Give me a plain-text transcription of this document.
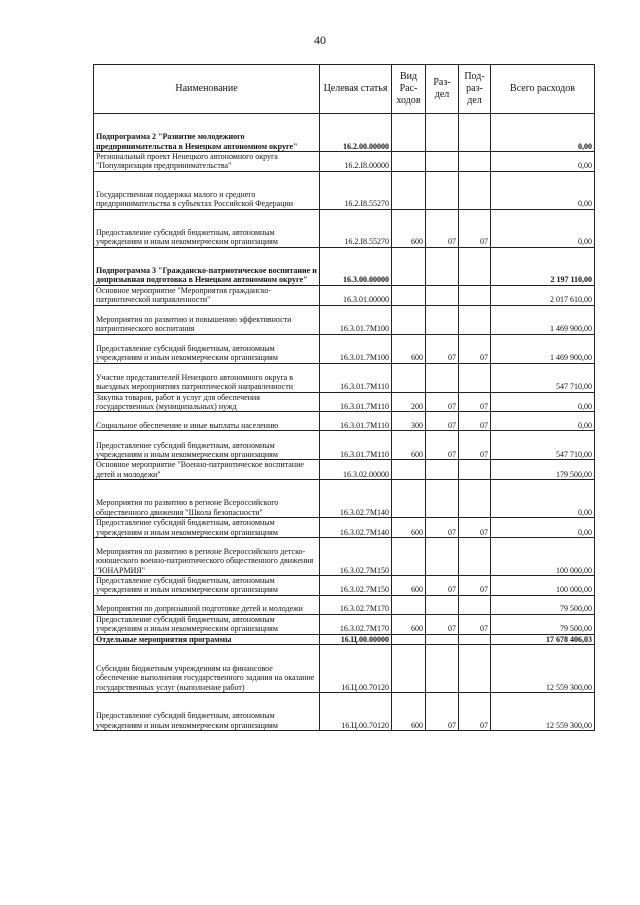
40
Наименование	Целевая статья	Вид Рас- ходов	Раз- дел	Под- раз- дел	Всего расходов
Подпрограмма 2 "Развитие молодежного предпринимательства в Ненецком автономном округе"	16.2.00.00000				0,00
Региональный проект Ненецкого автономного округа "Популяризация предпринимательства"	16.2.I8.00000				0,00
Государственная поддержка малого и среднего предпринимательства в субъектах Российской Федерации	16.2.I8.55270				0,00
Предоставление субсидий бюджетным, автономным учреждениям и иным некоммерческим организациям	16.2.I8.55270	600	07	07	0,00
Подпрограмма 3 "Гражданско-патриотическое воспитание и допризывная подготовка в Ненецком автономном округе"	16.3.00.00000				2 197 110,00
Основное мероприятие "Мероприятия гражданско-патриотической направленности"	16.3.01.00000				2 017 610,00
Мероприятия по развитию и повышению эффективности патриотического воспитания	16.3.01.7М100				1 469 900,00
Предоставление субсидий бюджетным, автономным учреждениям и иным некоммерческим организациям	16.3.01.7М100	600	07	07	1 469 900,00
Участие представителей Ненецкого автономного округа в выездных мероприятиях патриотической направленности	16.3.01.7М110				547 710,00
Закупка товаров, работ и услуг для обеспечения государственных (муниципальных) нужд	16.3.01.7М110	200	07	07	0,00
Социальное обеспечение и иные выплаты населению	16.3.01.7М110	300	07	07	0,00
Предоставление субсидий бюджетным, автономным учреждениям и иным некоммерческим организациям	16.3.01.7М110	600	07	07	547 710,00
Основное мероприятие "Военно-патриотическое воспитание детей и молодежи"	16.3.02.00000				179 500,00
Мероприятия по развитию в регионе Всероссийского общественного движения "Школа безопасности"	16.3.02.7М140				0,00
Предоставление субсидий бюджетным, автономным учреждениям и иным некоммерческим организациям	16.3.02.7М140	600	07	07	0,00
Мероприятия по развитию в регионе Всероссийского детско-юношеского военно-патриотического общественного движения "ЮНАРМИЯ"	16.3.02.7М150				100 000,00
Предоставление субсидий бюджетным, автономным учреждениям и иным некоммерческим организациям	16.3.02.7М150	600	07	07	100 000,00
Мероприятия по допризывной подготовке детей и молодежи	16.3.02.7М170				79 500,00
Предоставление субсидий бюджетным, автономным учреждениям и иным некоммерческим организациям	16.3.02.7М170	600	07	07	79 500,00
Отдельные мероприятия программы	16.Ц.00.00000				17 678 406,03
Субсидии бюджетным учреждениям на финансовое обеспечение выполнения государственного задания на оказание государственных услуг (выполнение работ)	16.Ц.00.70120				12 559 300,00
Предоставление субсидий бюджетным, автономным учреждениям и иным некоммерческим организациям	16.Ц.00.70120	600	07	07	12 559 300,00
